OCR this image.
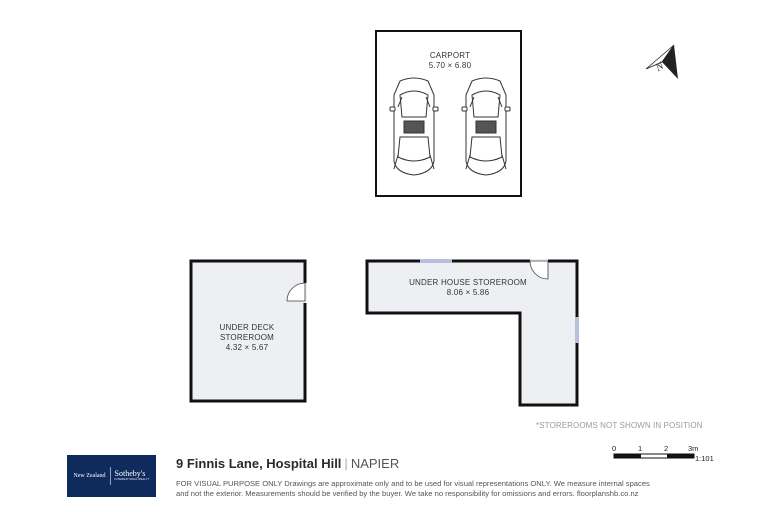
CARPORT
5.70 × 6.80
UNDER DECK
STOREROOM
4.32 × 5.67
UNDER HOUSE STOREROOM
8.06 × 5.86
N
*STOREROOMS NOT SHOWN IN POSITION
0	1	2	3m
1:101
New Zealand Sotheby's
INTERNATIONAL REALTY
9 Finnis Lane, Hospital Hill | NAPIER
FOR VISUAL PURPOSE ONLY Drawings are approximate only and to be used for visual representations ONLY. We measure internal spaces
and not the exterior. Measurements should be verified by the buyer. We take no responsibility for omissions and errors. floorplanshb.co.nz
